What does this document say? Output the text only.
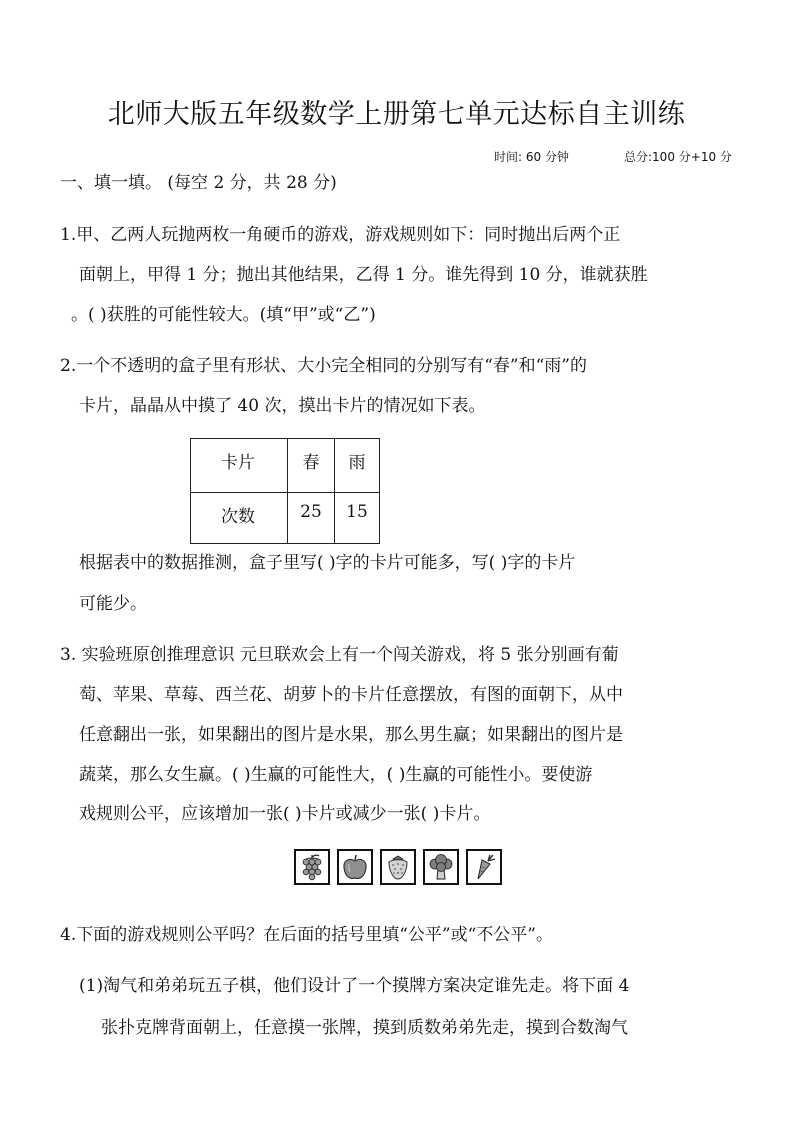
北师大版五年级数学上册第七单元达标自主训练
时间: 60 分钟	总分:100 分+10 分

一、填一填。 (每空 2 分，共 28 分)

1.甲、乙两人玩抛两枚一角硬币的游戏，游戏规则如下：同时抛出后两个正

面朝上，甲得 1 分；抛出其他结果，乙得 1 分。谁先得到 10 分，谁就获胜

。( )获胜的可能性较大。(填“甲”或“乙”)

2.一个不透明的盒子里有形状、大小完全相同的分别写有“春”和“雨”的

卡片，晶晶从中摸了 40 次，摸出卡片的情况如下表。

卡片	春	雨

次数	25	15

根据表中的数据推测，盒子里写( )字的卡片可能多，写( )字的卡片

可能少。

3. 实验班原创推理意识 元旦联欢会上有一个闯关游戏，将 5 张分别画有葡

萄、苹果、草莓、西兰花、胡萝卜的卡片任意摆放，有图的面朝下，从中

任意翻出一张，如果翻出的图片是水果，那么男生赢；如果翻出的图片是

蔬菜，那么女生赢。( )生赢的可能性大，( )生赢的可能性小。要使游

戏规则公平，应该增加一张( )卡片或减少一张( )卡片。

4.下面的游戏规则公平吗？在后面的括号里填“公平”或“不公平”。

(1)淘气和弟弟玩五子棋，他们设计了一个摸牌方案决定谁先走。将下面 4

张扑克牌背面朝上，任意摸一张牌，摸到质数弟弟先走，摸到合数淘气
